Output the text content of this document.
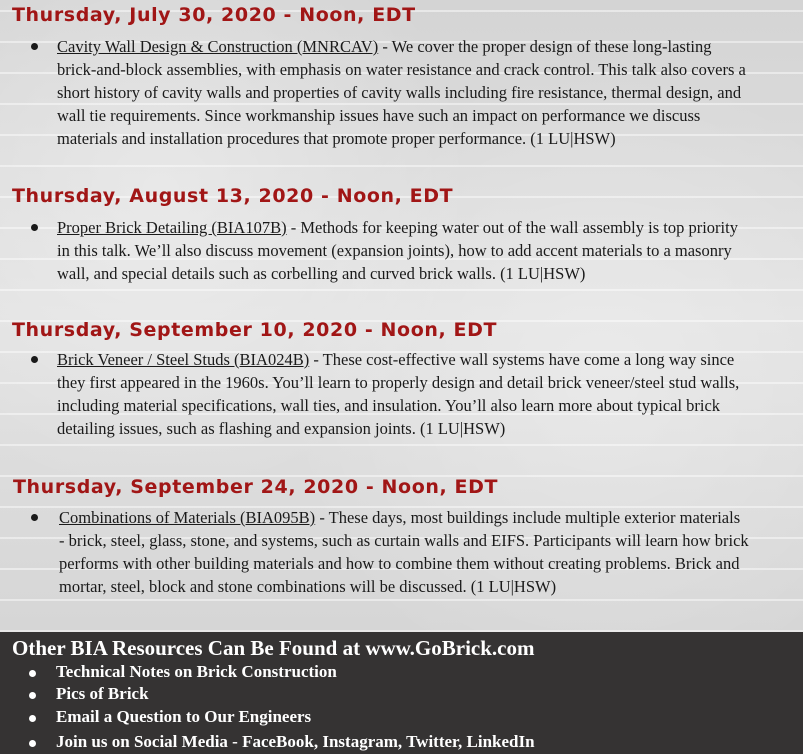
Thursday, July 30, 2020 - Noon, EDT

Cavity Wall Design & Construction (MNRCAV) - We cover the proper design of these long-lasting brick-and-block assemblies, with emphasis on water resistance and crack control. This talk also covers a short history of cavity walls and properties of cavity walls including fire resistance, thermal design, and wall tie requirements. Since workmanship issues have such an impact on performance we discuss materials and installation procedures that promote proper performance. (1 LU|HSW)

Thursday, August 13, 2020 - Noon, EDT

Proper Brick Detailing (BIA107B) - Methods for keeping water out of the wall assembly is top priority in this talk. We’ll also discuss movement (expansion joints), how to add accent materials to a masonry wall, and special details such as corbelling and curved brick walls. (1 LU|HSW)

Thursday, September 10, 2020 - Noon, EDT

Brick Veneer / Steel Studs (BIA024B) - These cost-effective wall systems have come a long way since they first appeared in the 1960s. You’ll learn to properly design and detail brick veneer/steel stud walls, including material specifications, wall ties, and insulation. You’ll also learn more about typical brick detailing issues, such as flashing and expansion joints. (1 LU|HSW)

Thursday, September 24, 2020 - Noon, EDT

Combinations of Materials (BIA095B) - These days, most buildings include multiple exterior materials - brick, steel, glass, stone, and systems, such as curtain walls and EIFS. Participants will learn how brick performs with other building materials and how to combine them without creating problems. Brick and mortar, steel, block and stone combinations will be discussed. (1 LU|HSW)

Other BIA Resources Can Be Found at www.GoBrick.com

Technical Notes on Brick Construction

Pics of Brick

Email a Question to Our Engineers

Join us on Social Media - FaceBook, Instagram, Twitter, LinkedIn
